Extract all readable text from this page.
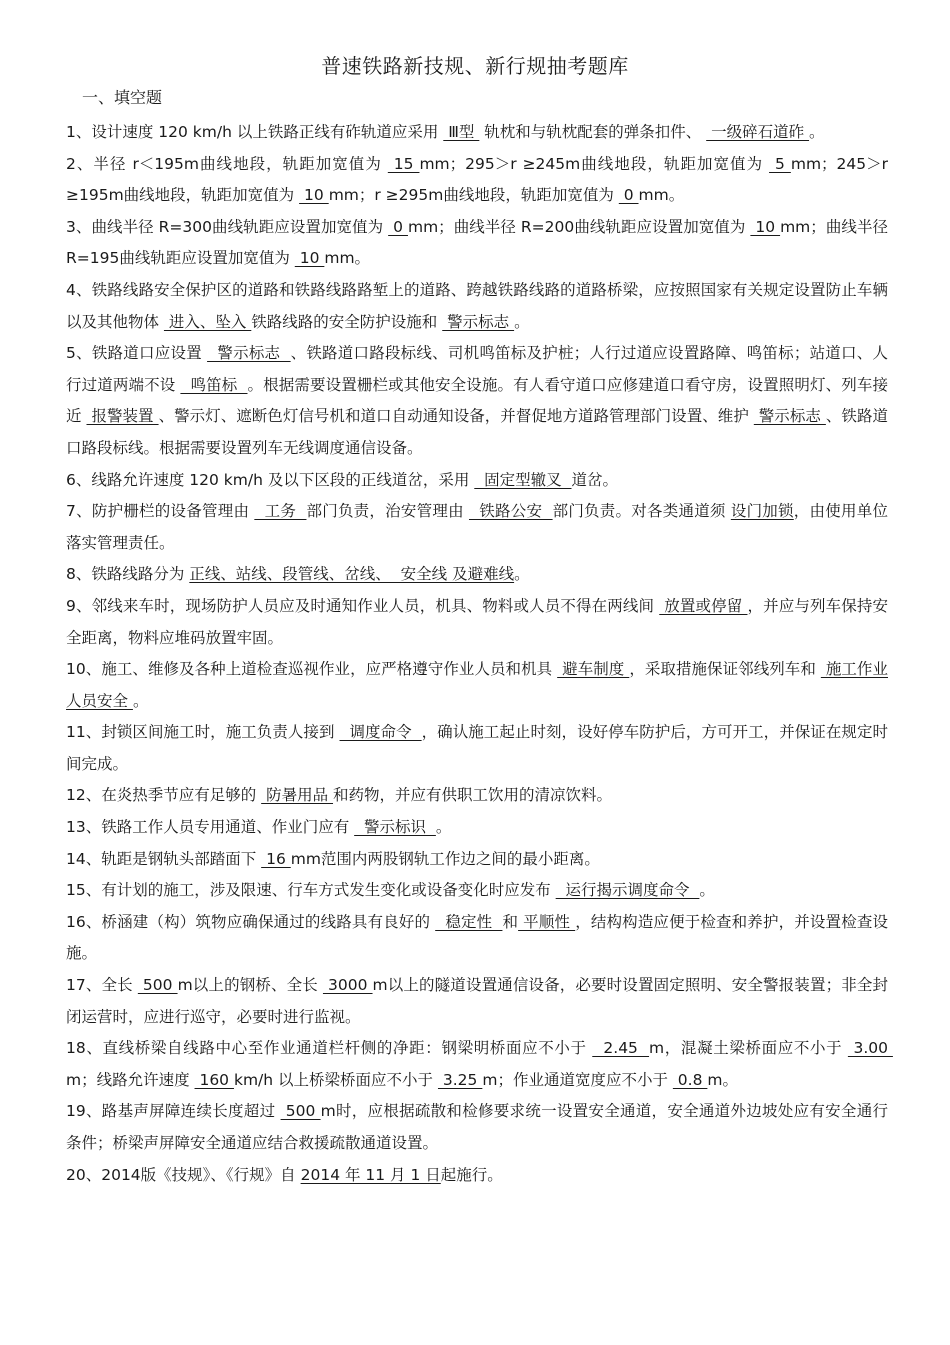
普速铁路新技规、新行规抽考题库
一、填空题

1、设计速度 120 km/h 以上铁路正线有砟轨道应采用  Ⅲ型  轨枕和与轨枕配套的弹条扣件、  一级碎石道砟 。

2、半径 r＜195m曲线地段，轨距加宽值为  15 mm；295＞r ≥245m曲线地段，轨距加宽值为  5 mm；245＞r ≥195m曲线地段，轨距加宽值为  10 mm；r ≥295m曲线地段，轨距加宽值为  0 mm。

3、曲线半径 R=300曲线轨距应设置加宽值为  0 mm；曲线半径 R=200曲线轨距应设置加宽值为  10 mm；曲线半径 R=195曲线轨距应设置加宽值为  10 mm。

4、铁路线路安全保护区的道路和铁路线路路堑上的道路、跨越铁路线路的道路桥梁，应按照国家有关规定设置防止车辆以及其他物体  进入、坠入 铁路线路的安全防护设施和  警示标志 。

5、铁路道口应设置   警示标志  、铁路道口路段标线、司机鸣笛标及护桩；人行过道应设置路障、鸣笛标；站道口、人行过道两端不设   鸣笛标  。根据需要设置栅栏或其他安全设施。有人看守道口应修建道口看守房，设置照明灯、列车接近  报警装置 、警示灯、遮断色灯信号机和道口自动通知设备，并督促地方道路管理部门设置、维护  警示标志 、铁路道口路段标线。根据需要设置列车无线调度通信设备。

6、线路允许速度 120 km/h 及以下区段的正线道岔，采用   固定型辙叉  道岔。

7、防护栅栏的设备管理由   工务  部门负责，治安管理由   铁路公安  部门负责。对各类通道须 设门加锁，由使用单位落实管理责任。

8、铁路线路分为 正线、站线、段管线、岔线、  安全线 及避难线。

9、邻线来车时，现场防护人员应及时通知作业人员，机具、物料或人员不得在两线间  放置或停留 ，并应与列车保持安全距离，物料应堆码放置牢固。

10、施工、维修及各种上道检查巡视作业，应严格遵守作业人员和机具  避车制度 ，采取措施保证邻线列车和  施工作业人员安全 。

11、封锁区间施工时，施工负责人接到   调度命令  ，确认施工起止时刻，设好停车防护后，方可开工，并保证在规定时间完成。

12、在炎热季节应有足够的  防暑用品 和药物，并应有供职工饮用的清凉饮料。

13、铁路工作人员专用通道、作业门应有   警示标识  。

14、轨距是钢轨头部踏面下  16 mm范围内两股钢轨工作边之间的最小距离。

15、有计划的施工，涉及限速、行车方式发生变化或设备变化时应发布   运行揭示调度命令  。

16、桥涵建（构）筑物应确保通过的线路具有良好的   稳定性  和 平顺性 ，结构构造应便于检查和养护，并设置检查设施。

17、全长  500 m以上的钢桥、全长  3000 m以上的隧道设置通信设备，必要时设置固定照明、安全警报装置；非全封闭运营时，应进行巡守，必要时进行监视。

18、直线桥梁自线路中心至作业通道栏杆侧的净距：钢梁明桥面应不小于   2.45  m，混凝土梁桥面应不小于  3.00 m；线路允许速度  160 km/h 以上桥梁桥面应不小于  3.25 m；作业通道宽度应不小于  0.8 m。

19、路基声屏障连续长度超过  500 m时，应根据疏散和检修要求统一设置安全通道，安全通道外边坡处应有安全通行条件；桥梁声屏障安全通道应结合救援疏散通道设置。

20、2014版《技规》、《行规》自 2014 年 11 月 1 日起施行。
